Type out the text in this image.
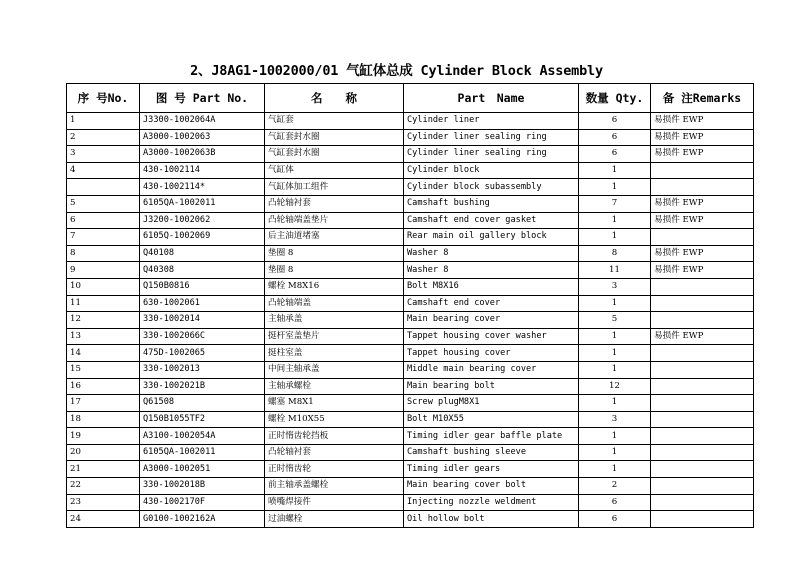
2、J8AG1-1002000/01 气缸体总成 Cylinder Block Assembly
序 号No.	图 号 Part No.	名　　称	Part　Name	数量 Qty.	备 注Remarks
1	J3300-1002064A	气缸套	Cylinder liner	6	易损件 EWP
2	A3000-1002063	气缸套封水圈	Cylinder liner sealing ring	6	易损件 EWP
3	A3000-1002063B	气缸套封水圈	Cylinder liner sealing ring	6	易损件 EWP
4	430-1002114	气缸体	Cylinder block	1	
	430-1002114*	气缸体加工组件	Cylinder block subassembly	1	
5	6105QA-1002011	凸轮轴衬套	Camshaft bushing	7	易损件 EWP
6	J3200-1002062	凸轮轴端盖垫片	Camshaft end cover gasket	1	易损件 EWP
7	6105Q-1002069	后主油道堵塞	Rear main oil gallery block	1	
8	Q40108	垫圈 8	Washer 8	8	易损件 EWP
9	Q40308	垫圈 8	Washer 8	11	易损件 EWP
10	Q150B0816	螺栓 M8X16	Bolt M8X16	3	
11	630-1002061	凸轮轴端盖	Camshaft end cover	1	
12	330-1002014	主轴承盖	Main bearing cover	5	
13	330-1002066C	挺杆室盖垫片	Tappet housing cover washer	1	易损件 EWP
14	475D-1002065	挺柱室盖	Tappet housing cover	1	
15	330-1002013	中间主轴承盖	Middle main bearing cover	1	
16	330-1002021B	主轴承螺栓	Main bearing bolt	12	
17	Q61508	螺塞 M8X1	Screw plugM8X1	1	
18	Q150B1055TF2	螺栓 M10X55	Bolt M10X55	3	
19	A3100-1002054A	正时惰齿轮挡板	Timing idler gear baffle plate	1	
20	6105QA-1002011	凸轮轴衬套	Camshaft bushing sleeve	1	
21	A3000-1002051	正时惰齿轮	Timing idler gears	1	
22	330-1002018B	前主轴承盖螺栓	Main bearing cover bolt	2	
23	430-1002170F	喷嘴焊接件	Injecting nozzle weldment	6	
24	G0100-1002162A	过油螺栓	Oil hollow bolt	6	
